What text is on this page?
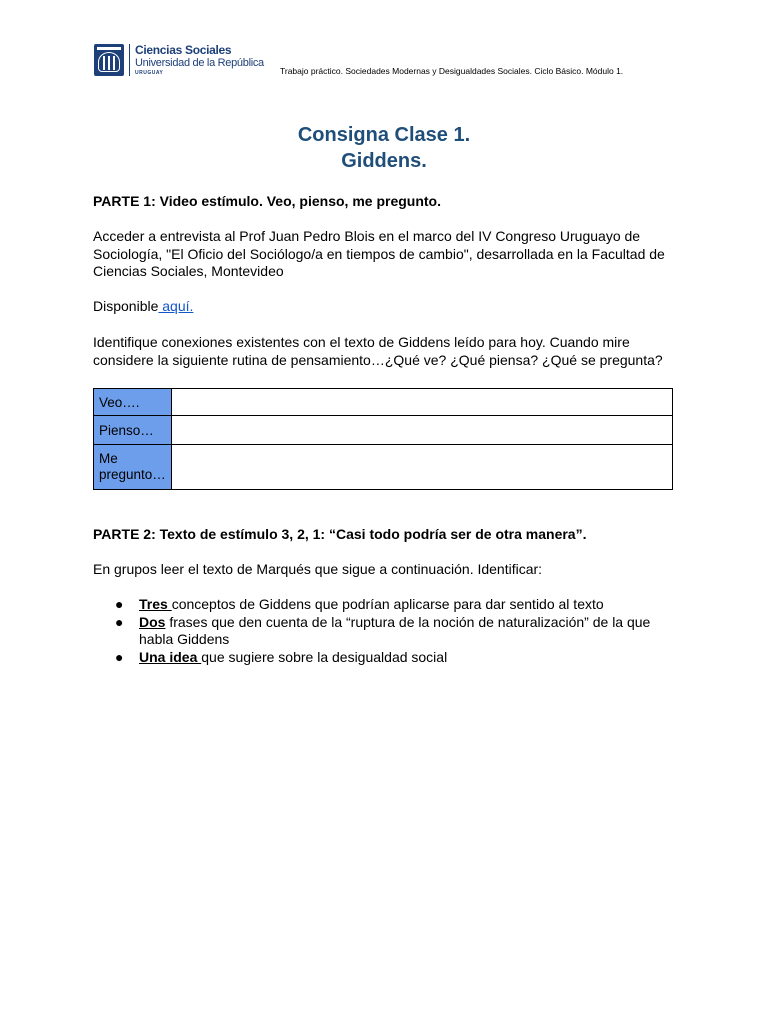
Ciencias Sociales
Universidad de la República
URUGUAY	Trabajo práctico. Sociedades Modernas y Desigualdades Sociales. Ciclo Básico. Módulo 1.
Consigna Clase 1.
Giddens.
PARTE 1: Video estímulo. Veo, pienso, me pregunto.
Acceder a entrevista al Prof Juan Pedro Blois en el marco del IV Congreso Uruguayo de Sociología, "El Oficio del Sociólogo/a en tiempos de cambio", desarrollada en la Facultad de Ciencias Sociales, Montevideo
Disponible aquí.
Identifique conexiones existentes con el texto de Giddens leído para hoy. Cuando mire considere la siguiente rutina de pensamiento…¿Qué ve? ¿Qué piensa? ¿Qué se pregunta?
Veo….	
Pienso…	
Me
pregunto…	
PARTE 2: Texto de estímulo 3, 2, 1: “Casi todo podría ser de otra manera”.
En grupos leer el texto de Marqués que sigue a continuación. Identificar:
● Tres conceptos de Giddens que podrían aplicarse para dar sentido al texto
● Dos frases que den cuenta de la “ruptura de la noción de naturalización” de la que habla Giddens
● Una idea que sugiere sobre la desigualdad social
